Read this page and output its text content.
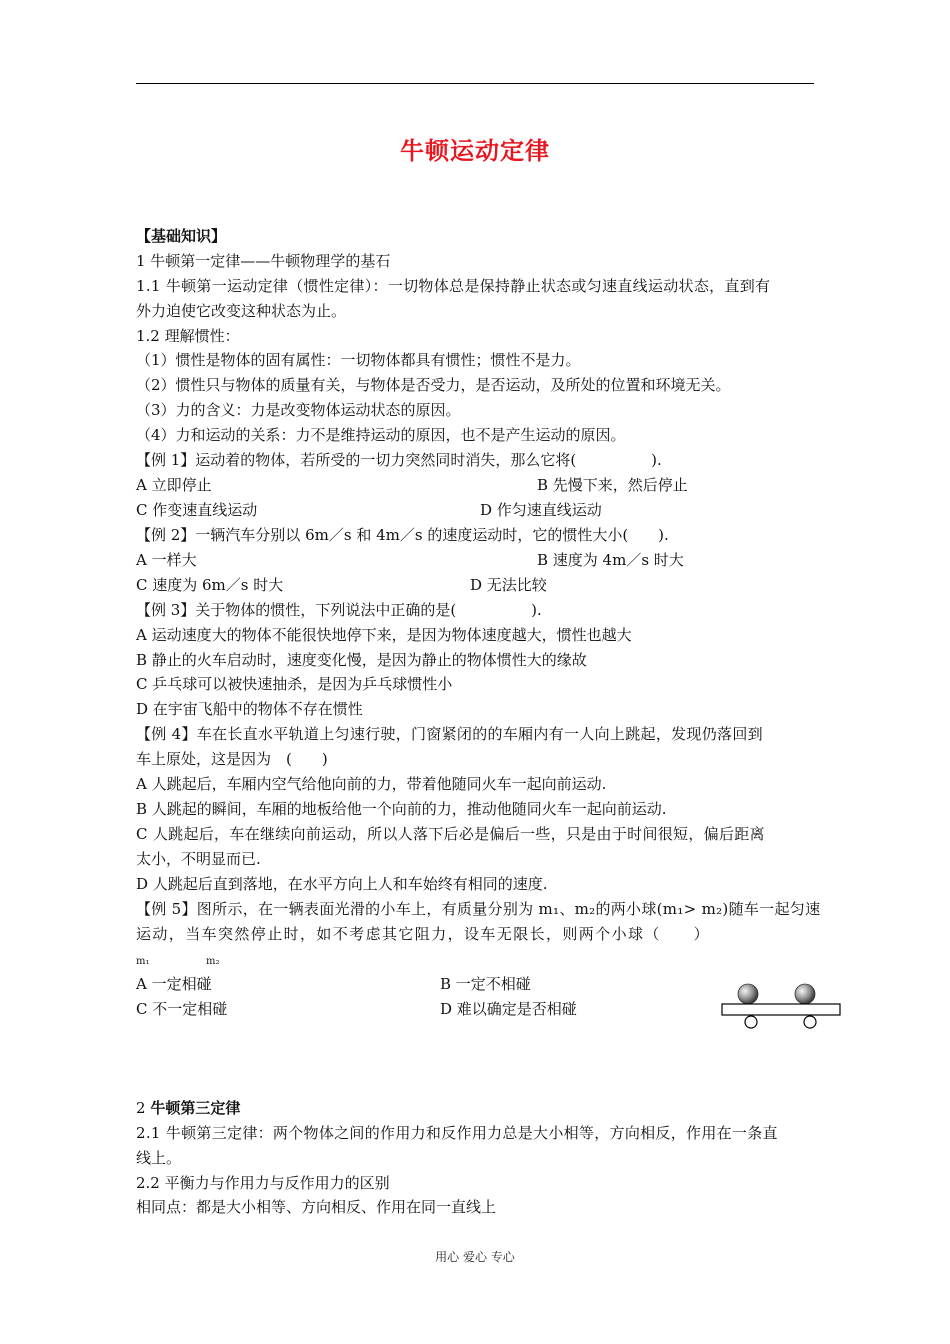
牛顿运动定律
【基础知识】
1 牛顿第一定律——牛顿物理学的基石
1.1 牛顿第一运动定律（惯性定律）：一切物体总是保持静止状态或匀速直线运动状态，直到有
外力迫使它改变这种状态为止。
1.2 理解惯性：
（1）惯性是物体的固有属性：一切物体都具有惯性；惯性不是力。
（2）惯性只与物体的质量有关，与物体是否受力，是否运动，及所处的位置和环境无关。
（3）力的含义：力是改变物体运动状态的原因。
（4）力和运动的关系：力不是维持运动的原因，也不是产生运动的原因。
【例 1】运动着的物体，若所受的一切力突然同时消失，那么它将(　　　　　).
A 立即停止	B 先慢下来，然后停止
C 作变速直线运动	D 作匀速直线运动
【例 2】一辆汽车分别以 6m／s 和 4m／s 的速度运动时，它的惯性大小(　　).
A 一样大	B 速度为 4m／s 时大
C 速度为 6m／s 时大	D 无法比较
【例 3】关于物体的惯性，下列说法中正确的是(　　　　　).
A 运动速度大的物体不能很快地停下来，是因为物体速度越大，惯性也越大
B 静止的火车启动时，速度变化慢，是因为静止的物体惯性大的缘故
C 乒乓球可以被快速抽杀，是因为乒乓球惯性小
D 在宇宙飞船中的物体不存在惯性
【例 4】车在长直水平轨道上匀速行驶，门窗紧闭的的车厢内有一人向上跳起，发现仍落回到
车上原处，这是因为　(　　)
A 人跳起后，车厢内空气给他向前的力，带着他随同火车一起向前运动.
B 人跳起的瞬间，车厢的地板给他一个向前的力，推动他随同火车一起向前运动.
C 人跳起后，车在继续向前运动，所以人落下后必是偏后一些，只是由于时间很短，偏后距离
太小，不明显而已.
D 人跳起后直到落地，在水平方向上人和车始终有相同的速度.
【例 5】图所示，在一辆表面光滑的小车上，有质量分别为 m₁、m₂的两小球(m₁> m₂)随车一起匀速
运动，当车突然停止时，如不考虑其它阻力，设车无限长，则两个小球（　　）
m₁	m₂
A 一定相碰	B 一定不相碰
C 不一定相碰	D 难以确定是否相碰
2 牛顿第三定律
2.1 牛顿第三定律：两个物体之间的作用力和反作用力总是大小相等，方向相反，作用在一条直
线上。
2.2 平衡力与作用力与反作用力的区别
相同点：都是大小相等、方向相反、作用在同一直线上
用心 爱心 专心
